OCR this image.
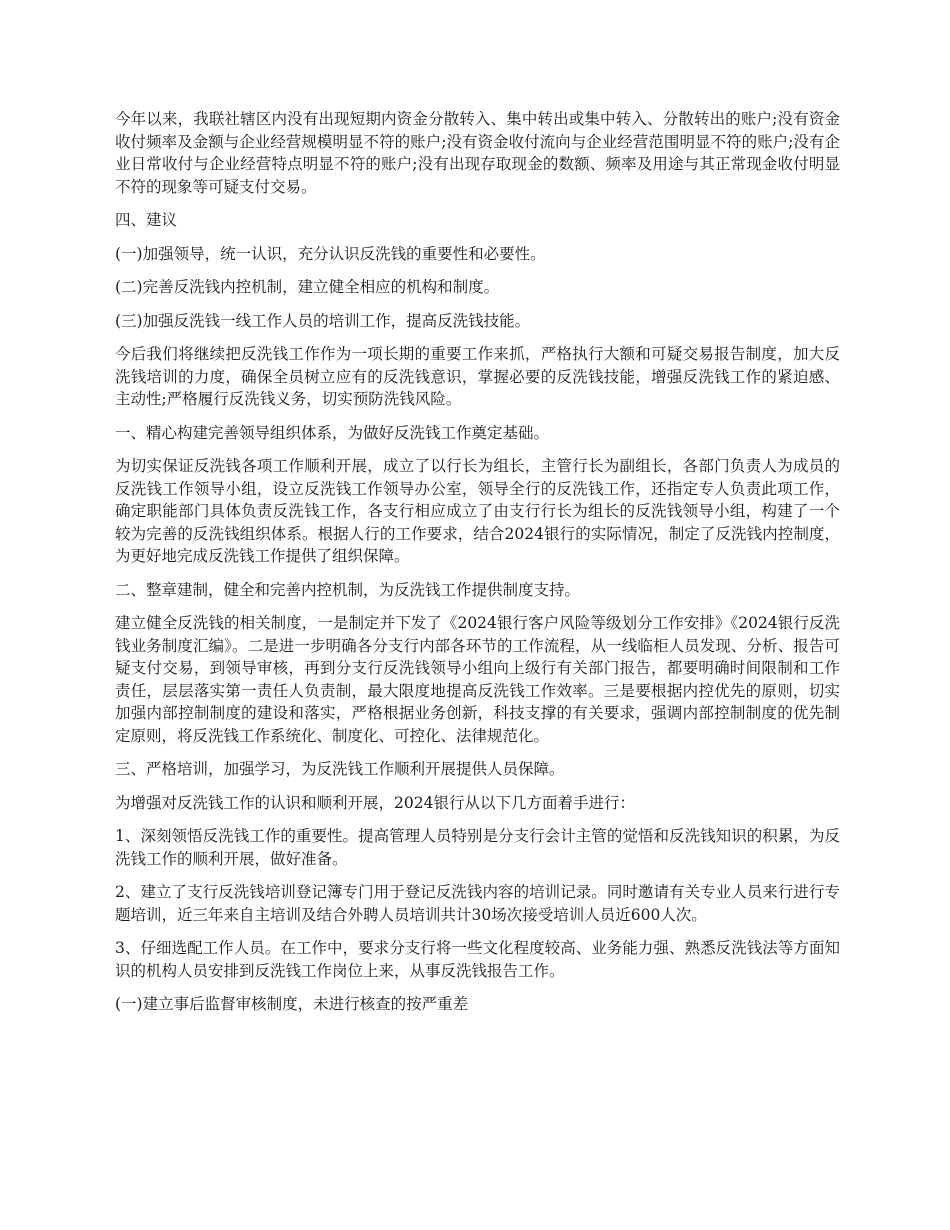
今年以来，我联社辖区内没有出现短期内资金分散转入、集中转出或集中转入、分散转出的账户;没有资金收付频率及金额与企业经营规模明显不符的账户;没有资金收付流向与企业经营范围明显不符的账户;没有企业日常收付与企业经营特点明显不符的账户;没有出现存取现金的数额、频率及用途与其正常现金收付明显不符的现象等可疑支付交易。

四、建议

(一)加强领导，统一认识，充分认识反洗钱的重要性和必要性。

(二)完善反洗钱内控机制，建立健全相应的机构和制度。

(三)加强反洗钱一线工作人员的培训工作，提高反洗钱技能。

今后我们将继续把反洗钱工作作为一项长期的重要工作来抓，严格执行大额和可疑交易报告制度，加大反洗钱培训的力度，确保全员树立应有的反洗钱意识，掌握必要的反洗钱技能，增强反洗钱工作的紧迫感、主动性;严格履行反洗钱义务，切实预防洗钱风险。

一、精心构建完善领导组织体系，为做好反洗钱工作奠定基础。

为切实保证反洗钱各项工作顺利开展，成立了以行长为组长，主管行长为副组长，各部门负责人为成员的反洗钱工作领导小组，设立反洗钱工作领导办公室，领导全行的反洗钱工作，还指定专人负责此项工作，确定职能部门具体负责反洗钱工作，各支行相应成立了由支行行长为组长的反洗钱领导小组，构建了一个较为完善的反洗钱组织体系。根据人行的工作要求，结合2024银行的实际情况，制定了反洗钱内控制度，为更好地完成反洗钱工作提供了组织保障。

二、整章建制，健全和完善内控机制，为反洗钱工作提供制度支持。

建立健全反洗钱的相关制度，一是制定并下发了《2024银行客户风险等级划分工作安排》《2024银行反洗钱业务制度汇编》。二是进一步明确各分支行内部各环节的工作流程，从一线临柜人员发现、分析、报告可疑支付交易，到领导审核，再到分支行反洗钱领导小组向上级行有关部门报告，都要明确时间限制和工作责任，层层落实第一责任人负责制，最大限度地提高反洗钱工作效率。三是要根据内控优先的原则，切实加强内部控制制度的建设和落实，严格根据业务创新，科技支撑的有关要求，强调内部控制制度的优先制定原则，将反洗钱工作系统化、制度化、可控化、法律规范化。

三、严格培训，加强学习，为反洗钱工作顺利开展提供人员保障。

为增强对反洗钱工作的认识和顺利开展，2024银行从以下几方面着手进行：

1、深刻领悟反洗钱工作的重要性。提高管理人员特别是分支行会计主管的觉悟和反洗钱知识的积累，为反洗钱工作的顺利开展，做好准备。

2、建立了支行反洗钱培训登记簿专门用于登记反洗钱内容的培训记录。同时邀请有关专业人员来行进行专题培训，近三年来自主培训及结合外聘人员培训共计30场次接受培训人员近600人次。

3、仔细选配工作人员。在工作中，要求分支行将一些文化程度较高、业务能力强、熟悉反洗钱法等方面知识的机构人员安排到反洗钱工作岗位上来，从事反洗钱报告工作。

(一)建立事后监督审核制度，未进行核查的按严重差
